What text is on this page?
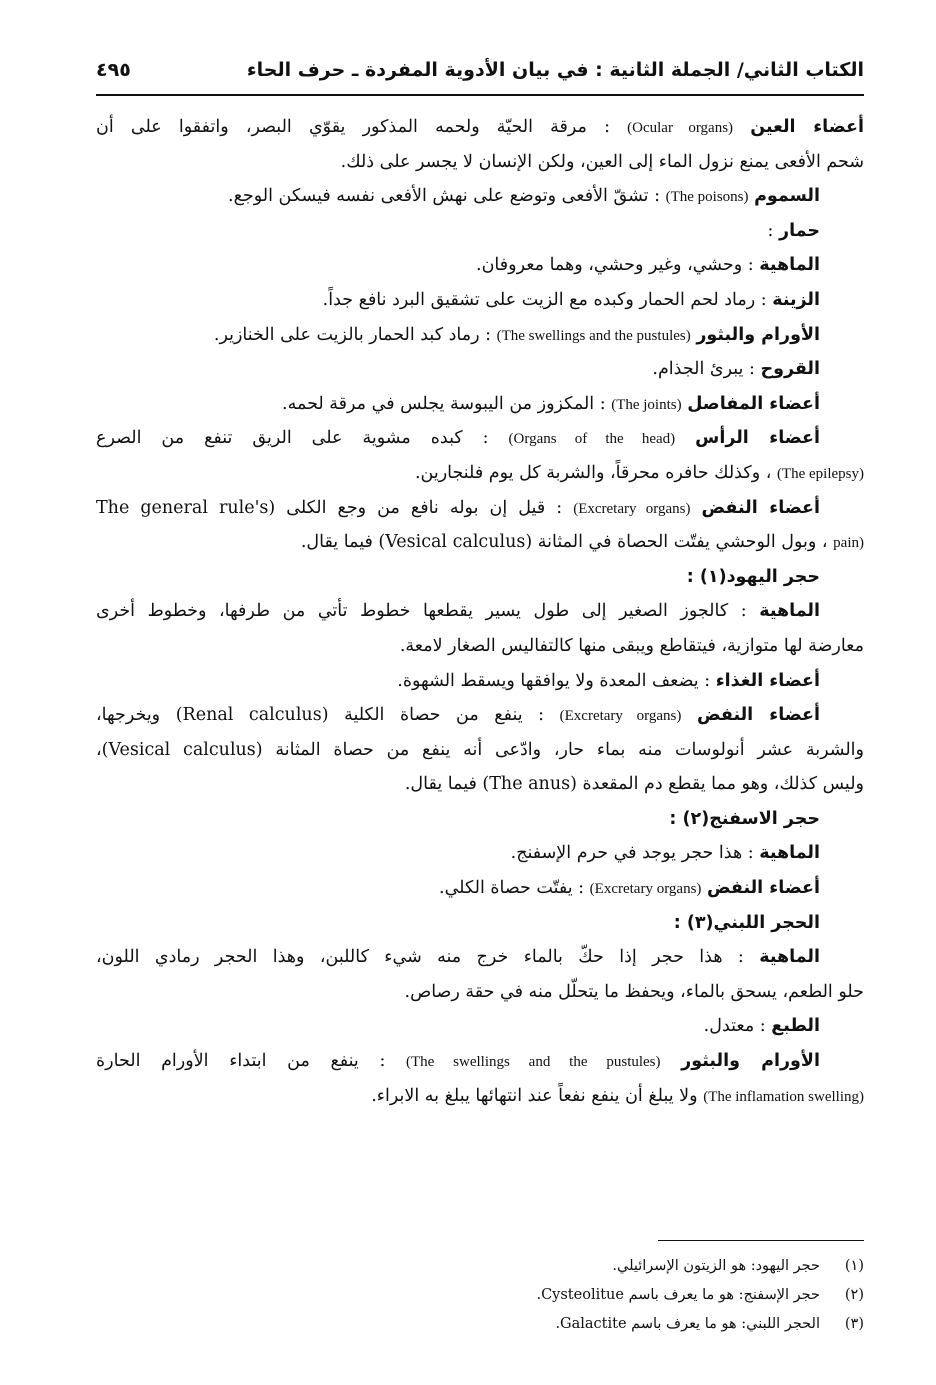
٤٩٥	الكتاب الثاني/ الجملة الثانية : في بيان الأدوية المفردة ـ حرف الحاء
أعضاء العين (Ocular organs) : مرقة الحيّة ولحمه المذكور يقوّي البصر، واتفقوا على أن
شحم الأفعى يمنع نزول الماء إلى العين، ولكن الإنسان لا يجسر على ذلك.
السموم (The poisons) : تشقّ الأفعى وتوضع على نهش الأفعى نفسه فيسكن الوجع.
حمار :
الماهية : وحشي، وغير وحشي، وهما معروفان.
الزينة : رماد لحم الحمار وكبده مع الزيت على تشقيق البرد نافع جداً.
الأورام والبثور (The swellings and the pustules) : رماد كبد الحمار بالزيت على الخنازير.
القروح : يبرئ الجذام.
أعضاء المفاصل (The joints) : المكزوز من اليبوسة يجلس في مرقة لحمه.
أعضاء الرأس (Organs of the head) : كبده مشوية على الريق تنفع من الصرع
(The epilepsy) ، وكذلك حافره محرقاً، والشربة كل يوم فلنجارين.
أعضاء النفض (Excretary organs) : قيل إن بوله نافع من وجع الكلى (The general rule's
pain) ، وبول الوحشي يفتّت الحصاة في المثانة (Vesical calculus) فيما يقال.
حجر اليهود(١) :
الماهية : كالجوز الصغير إلى طول يسير يقطعها خطوط تأتي من طرفها، وخطوط أخرى
معارضة لها متوازية، فيتقاطع ويبقى منها كالتفاليس الصغار لامعة.
أعضاء الغذاء : يضعف المعدة ولا يوافقها ويسقط الشهوة.
أعضاء النفض (Excretary organs) : ينفع من حصاة الكلية (Renal calculus) ويخرجها،
والشربة عشر أنولوسات منه بماء حار، وادّعى أنه ينفع من حصاة المثانة (Vesical calculus)،
وليس كذلك، وهو مما يقطع دم المقعدة (The anus) فيما يقال.
حجر الاسفنج(٢) :
الماهية : هذا حجر يوجد في حرم الإسفنج.
أعضاء النفض (Excretary organs) : يفتّت حصاة الكلي.
الحجر اللبني(٣) :
الماهية : هذا حجر إذا حكّ بالماء خرج منه شيء كاللبن، وهذا الحجر رمادي اللون،
حلو الطعم، يسحق بالماء، ويحفظ ما يتحلّل منه في حقة رصاص.
الطبع : معتدل.
الأورام والبثور (The swellings and the pustules) : ينفع من ابتداء الأورام الحارة
(The inflamation swelling) ولا يبلغ أن ينفع نفعاً عند انتهائها يبلغ به الابراء.
(١)حجر اليهود: هو الزيتون الإسرائيلي.
(٢)حجر الإسفنج: هو ما يعرف باسم Cysteolitue.
(٣)الحجر اللبني: هو ما يعرف باسم Galactite.
